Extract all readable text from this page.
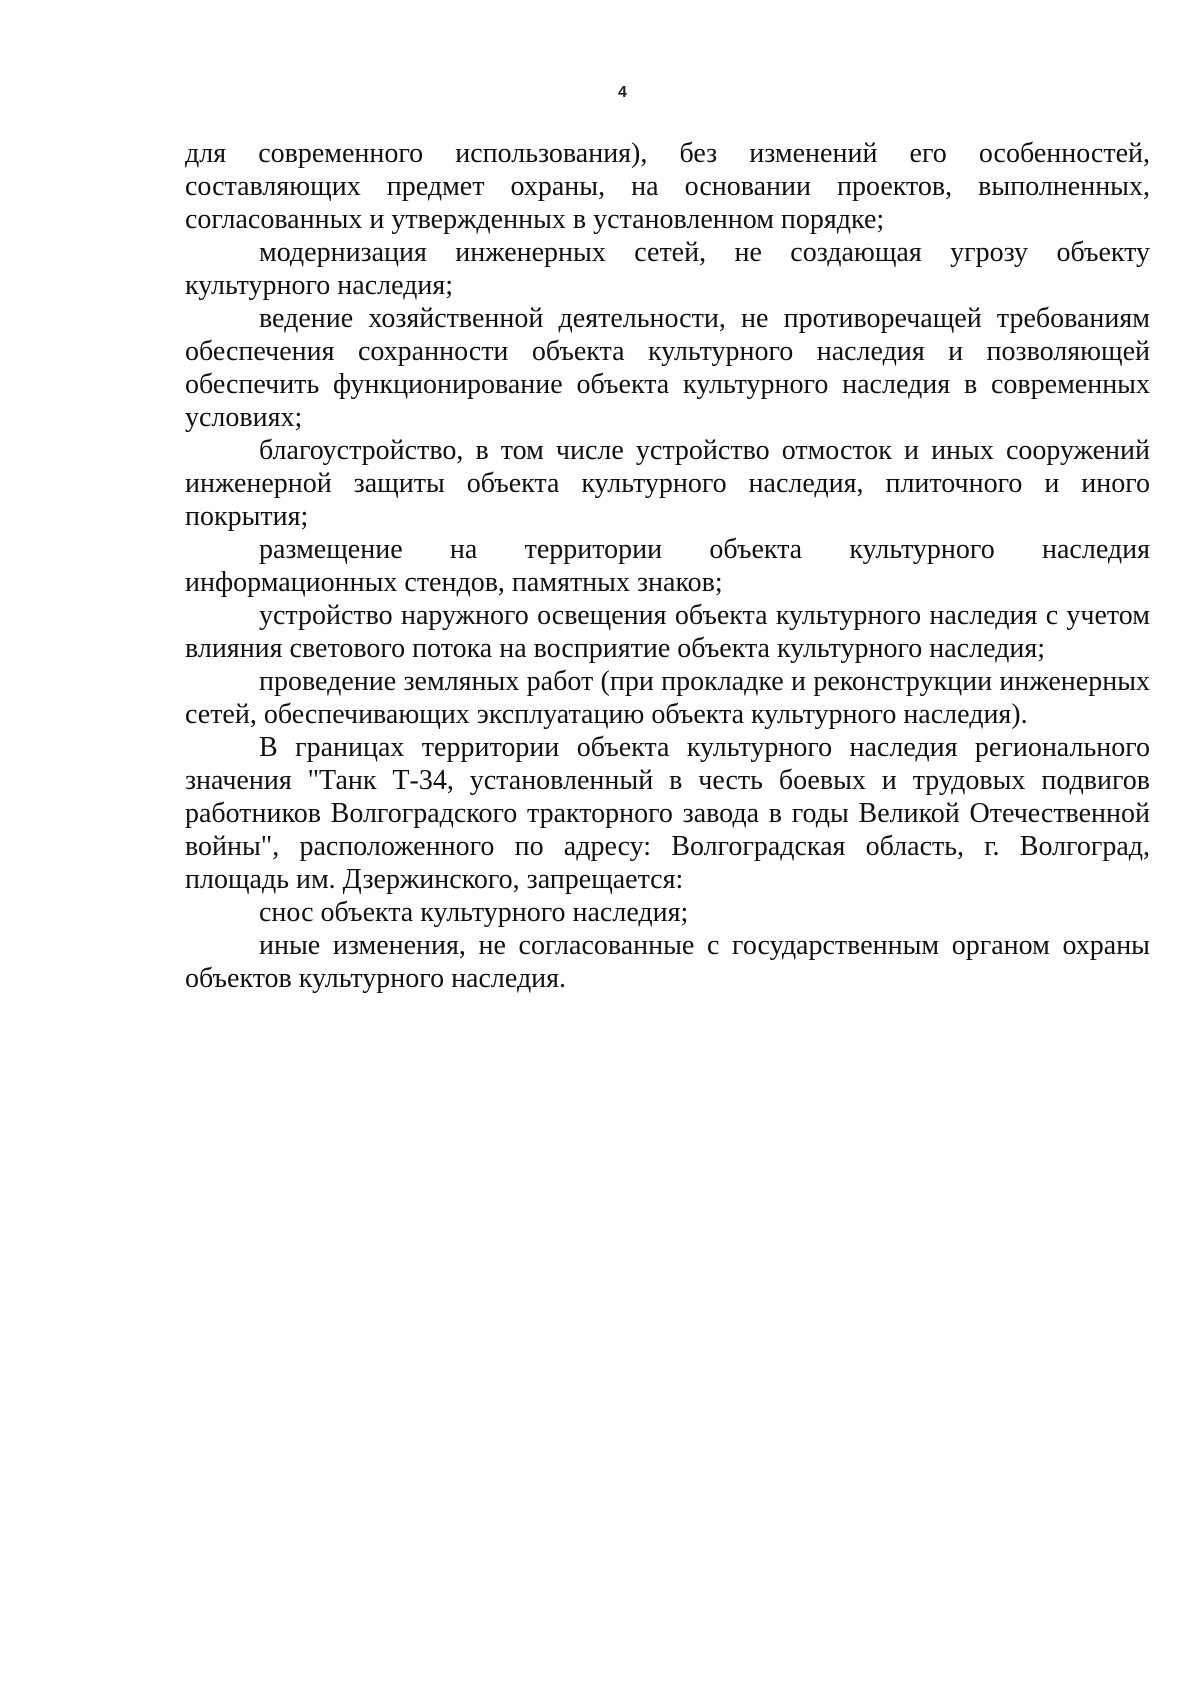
4

для современного использования), без изменений его особенностей, составляющих предмет охраны, на основании проектов, выполненных, согласованных и утвержденных в установленном порядке;

модернизация инженерных сетей, не создающая угрозу объекту культурного наследия;

ведение хозяйственной деятельности, не противоречащей требованиям обеспечения сохранности объекта культурного наследия и позволяющей обеспечить функционирование объекта культурного наследия в современных условиях;

благоустройство, в том числе устройство отмосток и иных сооружений инженерной защиты объекта культурного наследия, плиточного и иного покрытия;

размещение на территории объекта культурного наследия информационных стендов, памятных знаков;

устройство наружного освещения объекта культурного наследия с учетом влияния светового потока на восприятие объекта культурного наследия;

проведение земляных работ (при прокладке и реконструкции инженерных сетей, обеспечивающих эксплуатацию объекта культурного наследия).

В границах территории объекта культурного наследия регионального значения "Танк Т-34, установленный в честь боевых и трудовых подвигов работников Волгоградского тракторного завода в годы Великой Отечественной войны", расположенного по адресу: Волгоградская область, г. Волгоград, площадь им. Дзержинского, запрещается:

снос объекта культурного наследия;

иные изменения, не согласованные с государственным органом охраны объектов культурного наследия.
